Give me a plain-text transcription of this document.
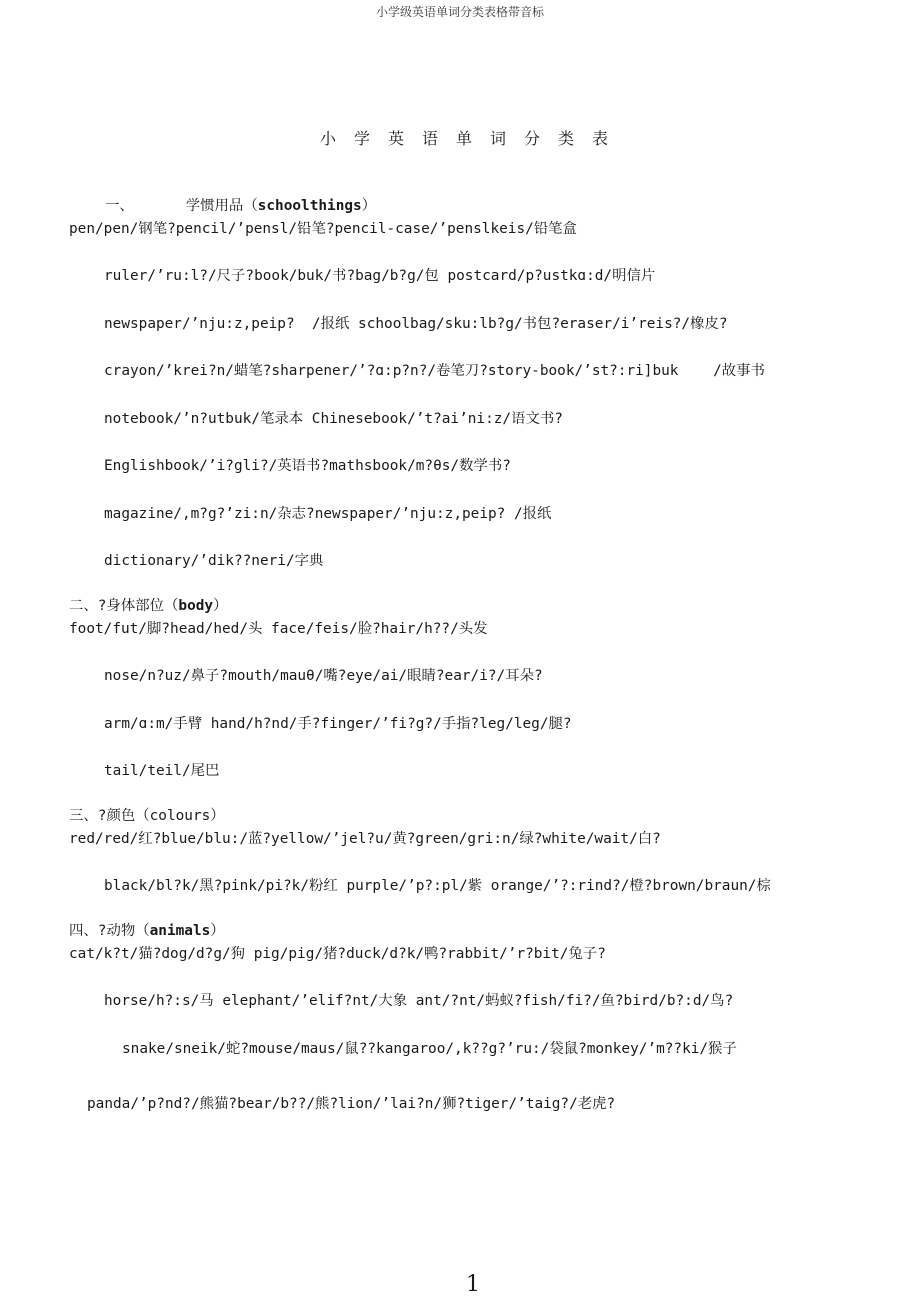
小学级英语单词分类表格带音标
小学英语单词分类表
一、      学惯用品（schoolthings）
pen/pen/钢笔?pencil/’pensl/铅笔?pencil-case/’penslkeis/铅笔盒
ruler/’ru:l?/尺子?book/buk/书?bag/b?g/包 postcard/p?ustkɑ:d/明信片
newspaper/’nju:z,peip?  /报纸 schoolbag/sku:lb?g/书包?eraser/i’reis?/橡皮?
crayon/’krei?n/蜡笔?sharpener/’?ɑ:p?n?/卷笔刀?story-book/’st?:ri]buk    /故事书
notebook/’n?utbuk/笔录本 Chinesebook/’t?ai’ni:z/语文书?
Englishbook/’i?gli?/英语书?mathsbook/m?θs/数学书?
magazine/,m?g?’zi:n/杂志?newspaper/’nju:z,peip? /报纸
dictionary/’dik??neri/字典
二、?身体部位（body）
foot/fut/脚?head/hed/头 face/feis/脸?hair/h??/头发
nose/n?uz/鼻子?mouth/mauθ/嘴?eye/ai/眼睛?ear/i?/耳朵?
arm/ɑ:m/手臂 hand/h?nd/手?finger/’fi?g?/手指?leg/leg/腿?
tail/teil/尾巴
三、?颜色（colours）
red/red/红?blue/blu:/蓝?yellow/’jel?u/黄?green/gri:n/绿?white/wait/白?
black/bl?k/黑?pink/pi?k/粉红 purple/’p?:pl/紫 orange/’?:rind?/橙?brown/braun/棕
四、?动物（animals）
cat/k?t/猫?dog/d?g/狗 pig/pig/猪?duck/d?k/鸭?rabbit/’r?bit/兔子?
horse/h?:s/马 elephant/’elif?nt/大象 ant/?nt/蚂蚁?fish/fi?/鱼?bird/b?:d/鸟?
snake/sneik/蛇?mouse/maus/鼠??kangaroo/,k??g?’ru:/袋鼠?monkey/’m??ki/猴子
panda/’p?nd?/熊猫?bear/b??/熊?lion/’lai?n/狮?tiger/’taig?/老虎?
1
